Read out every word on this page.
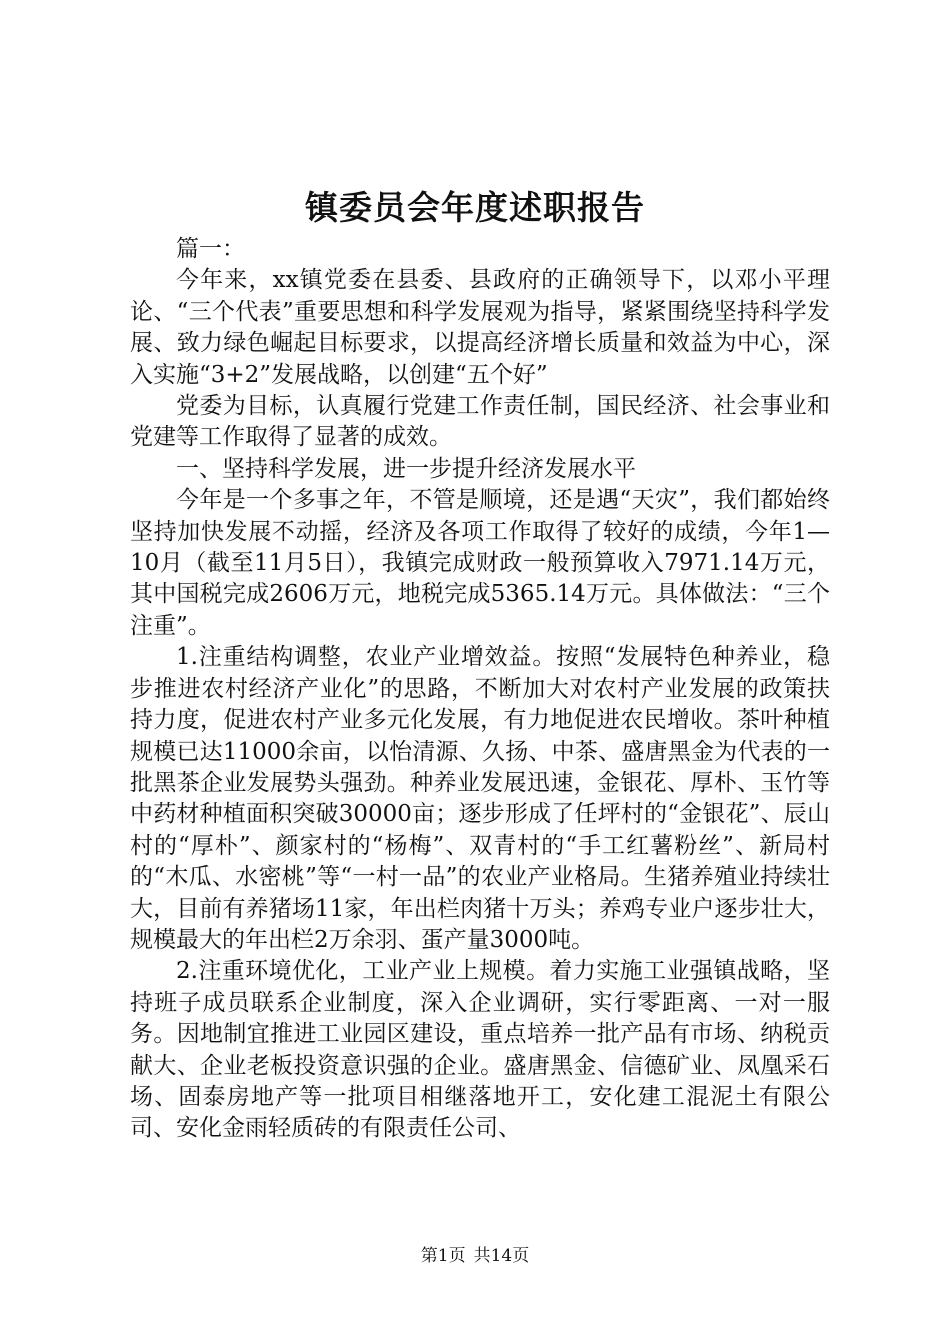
镇委员会年度述职报告

篇一：

今年来，xx镇党委在县委、县政府的正确领导下，以邓小平理论、“三个代表”重要思想和科学发展观为指导，紧紧围绕坚持科学发展、致力绿色崛起目标要求，以提高经济增长质量和效益为中心，深入实施“3+2”发展战略，以创建“五个好”

党委为目标，认真履行党建工作责任制，国民经济、社会事业和党建等工作取得了显著的成效。

一、坚持科学发展，进一步提升经济发展水平

今年是一个多事之年，不管是顺境，还是遇“天灾”，我们都始终坚持加快发展不动摇，经济及各项工作取得了较好的成绩，今年1—10月（截至11月5日），我镇完成财政一般预算收入7971.14万元，其中国税完成2606万元，地税完成5365.14万元。具体做法：“三个注重”。

1.注重结构调整，农业产业增效益。按照“发展特色种养业，稳步推进农村经济产业化”的思路，不断加大对农村产业发展的政策扶持力度，促进农村产业多元化发展，有力地促进农民增收。茶叶种植规模已达11000余亩，以怡清源、久扬、中茶、盛唐黑金为代表的一批黑茶企业发展势头强劲。种养业发展迅速，金银花、厚朴、玉竹等中药材种植面积突破30000亩；逐步形成了任坪村的“金银花”、辰山村的“厚朴”、颜家村的“杨梅”、双青村的“手工红薯粉丝”、新局村的“木瓜、水密桃”等“一村一品”的农业产业格局。生猪养殖业持续壮大，目前有养猪场11家，年出栏肉猪十万头；养鸡专业户逐步壮大，规模最大的年出栏2万余羽、蛋产量3000吨。

2.注重环境优化，工业产业上规模。着力实施工业强镇战略，坚持班子成员联系企业制度，深入企业调研，实行零距离、一对一服务。因地制宜推进工业园区建设，重点培养一批产品有市场、纳税贡献大、企业老板投资意识强的企业。盛唐黑金、信德矿业、凤凰采石场、固泰房地产等一批项目相继落地开工，安化建工混泥土有限公司、安化金雨轻质砖的有限责任公司、

第1页 共14页
